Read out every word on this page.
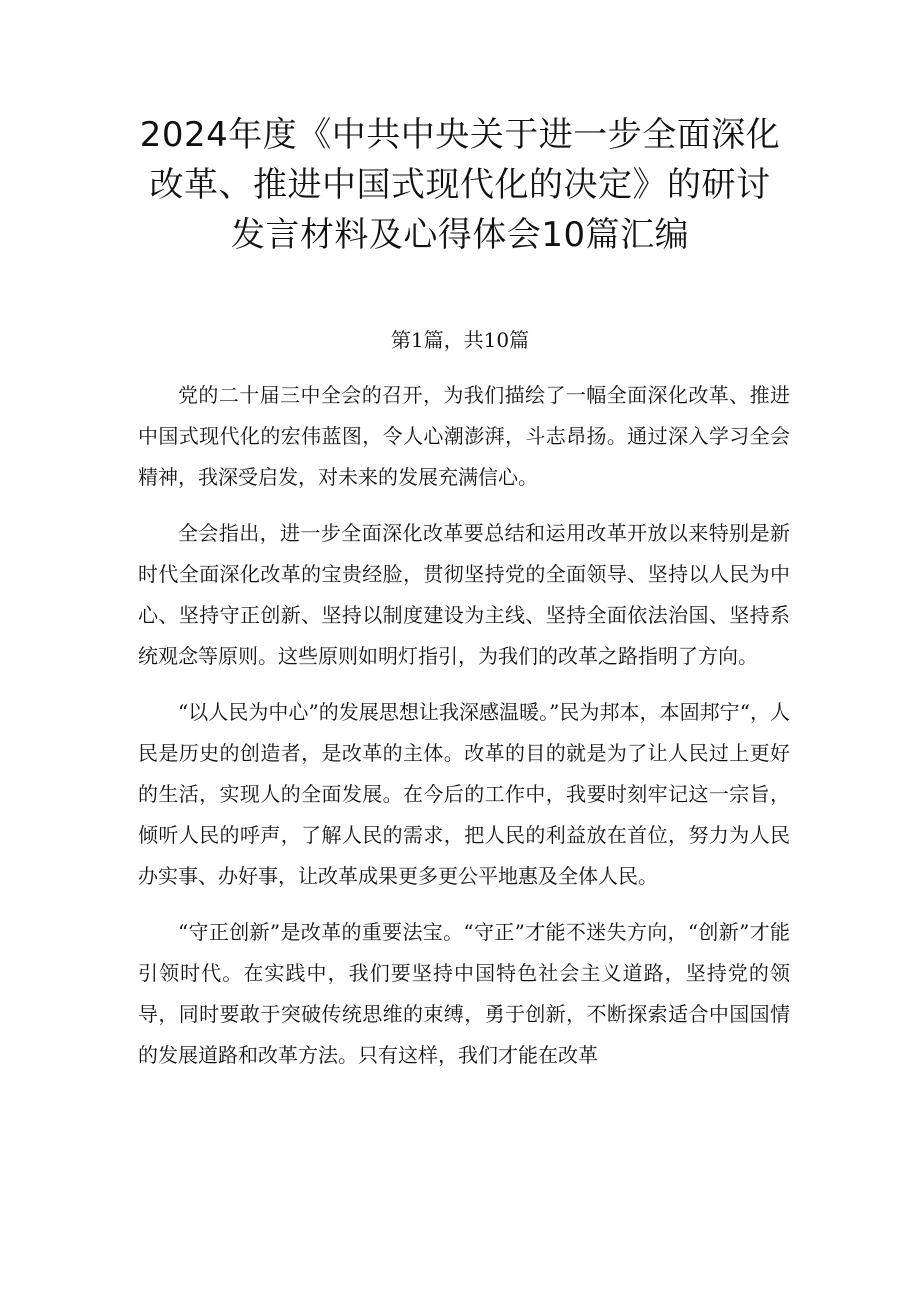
2024年度《中共中央关于进一步全面深化
改革、推进中国式现代化的决定》的研讨
发言材料及心得体会10篇汇编

第1篇，共10篇

党的二十届三中全会的召开，为我们描绘了一幅全面深化改革、推进中国式现代化的宏伟蓝图，令人心潮澎湃，斗志昂扬。通过深入学习全会精神，我深受启发，对未来的发展充满信心。

全会指出，进一步全面深化改革要总结和运用改革开放以来特别是新时代全面深化改革的宝贵经脸，贯彻坚持党的全面领导、坚持以人民为中心、坚持守正创新、坚持以制度建设为主线、坚持全面依法治国、坚持系统观念等原则。这些原则如明灯指引，为我们的改革之路指明了方向。

“以人民为中心”的发展思想让我深感温暖。”民为邦本，本固邦宁“，人民是历史的创造者，是改革的主体。改革的目的就是为了让人民过上更好的生活，实现人的全面发展。在今后的工作中，我要时刻牢记这一宗旨，倾听人民的呼声，了解人民的需求，把人民的利益放在首位，努力为人民办实事、办好事，让改革成果更多更公平地惠及全体人民。

“守正创新”是改革的重要法宝。“守正”才能不迷失方向，“创新”才能引领时代。在实践中，我们要坚持中国特色社会主义道路，坚持党的领导，同时要敢于突破传统思维的束缚，勇于创新，不断探索适合中国国情的发展道路和改革方法。只有这样，我们才能在改革
